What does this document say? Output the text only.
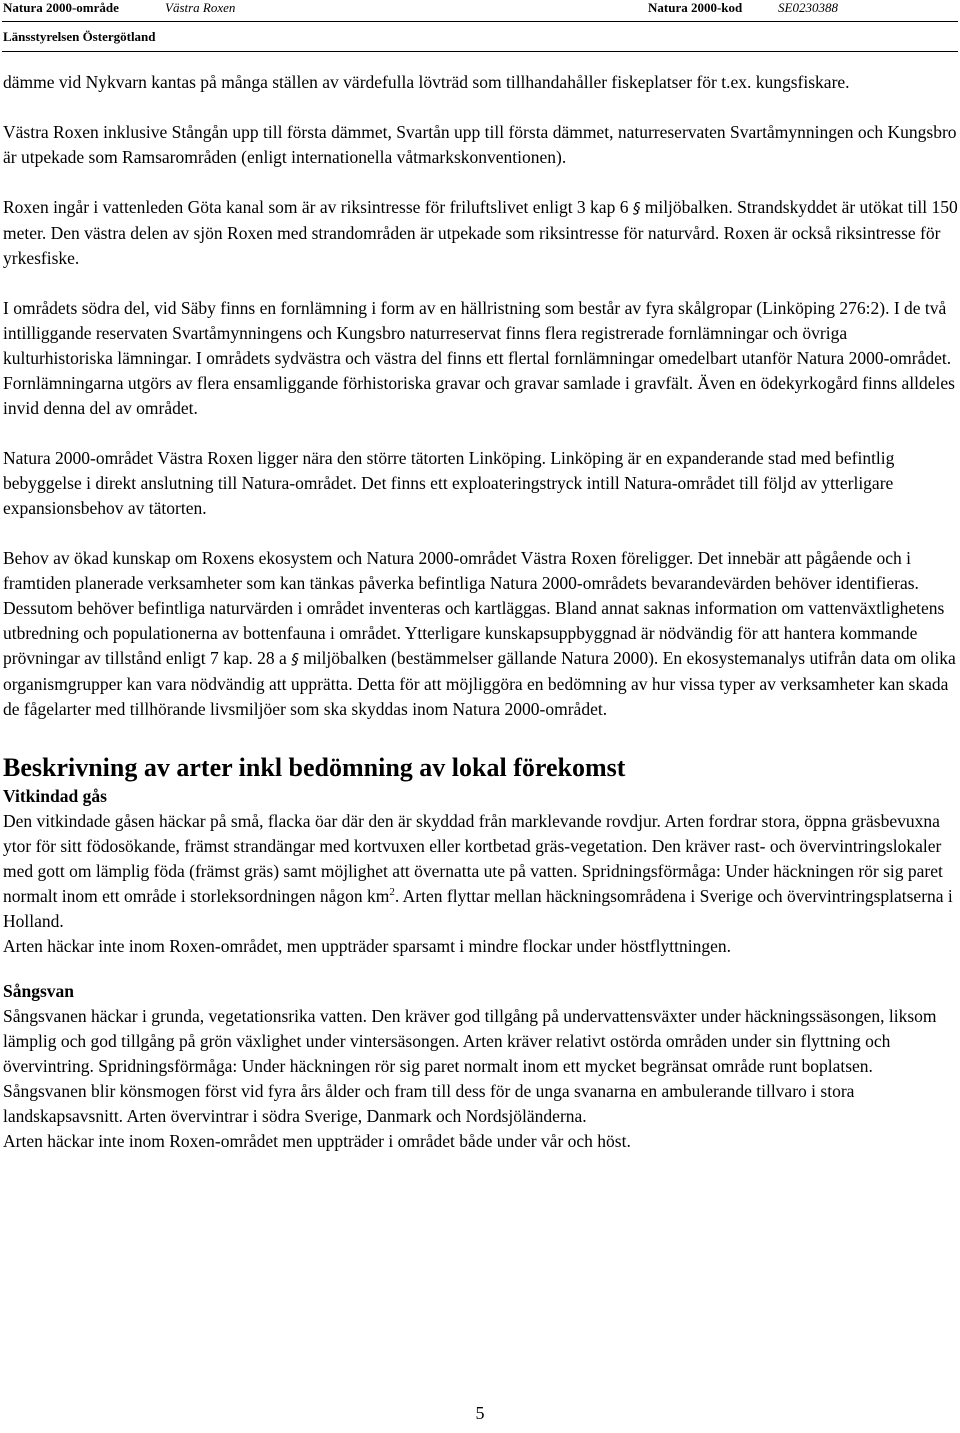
Natura 2000-område	Västra Roxen	Natura 2000-kod	SE0230388
Länsstyrelsen Östergötland

dämme vid Nykvarn kantas på många ställen av värdefulla lövträd som tillhandahåller fiskeplatser för t.ex. kungsfiskare.

Västra Roxen inklusive Stångån upp till första dämmet, Svartån upp till första dämmet, naturreservaten Svartåmynningen och Kungsbro är utpekade som Ramsarområden (enligt internationella våtmarkskonventionen).

Roxen ingår i vattenleden Göta kanal som är av riksintresse för friluftslivet enligt 3 kap 6 § miljöbalken. Strandskyddet är utökat till 150 meter. Den västra delen av sjön Roxen med strandområden är utpekade som riksintresse för naturvård. Roxen är också riksintresse för yrkesfiske.

I områdets södra del, vid Säby finns en fornlämning i form av en hällristning som består av fyra skålgropar (Linköping 276:2). I de två intilliggande reservaten Svartåmynningens och Kungsbro naturreservat finns flera registrerade fornlämningar och övriga kulturhistoriska lämningar. I områdets sydvästra och västra del finns ett flertal fornlämningar omedelbart utanför Natura 2000-området. Fornlämningarna utgörs av flera ensamliggande förhistoriska gravar och gravar samlade i gravfält. Även en ödekyrkogård finns alldeles invid denna del av området.

Natura 2000-området Västra Roxen ligger nära den större tätorten Linköping. Linköping är en expanderande stad med befintlig bebyggelse i direkt anslutning till Natura-området. Det finns ett exploateringstryck intill Natura-området till följd av ytterligare expansionsbehov av tätorten.

Behov av ökad kunskap om Roxens ekosystem och Natura 2000-området Västra Roxen föreligger. Det innebär att pågående och i framtiden planerade verksamheter som kan tänkas påverka befintliga Natura 2000-områdets bevarandevärden behöver identifieras. Dessutom behöver befintliga naturvärden i området inventeras och kartläggas. Bland annat saknas information om vattenväxtlighetens utbredning och populationerna av bottenfauna i området. Ytterligare kunskapsuppbyggnad är nödvändig för att hantera kommande prövningar av tillstånd enligt 7 kap. 28 a § miljöbalken (bestämmelser gällande Natura 2000). En ekosystemanalys utifrån data om olika organismgrupper kan vara nödvändig att upprätta. Detta för att möjliggöra en bedömning av hur vissa typer av verksamheter kan skada de fågelarter med tillhörande livsmiljöer som ska skyddas inom Natura 2000-området.

Beskrivning av arter inkl bedömning av lokal förekomst
Vitkindad gås

Den vitkindade gåsen häckar på små, flacka öar där den är skyddad från marklevande rovdjur. Arten fordrar stora, öppna gräsbevuxna ytor för sitt födosökande, främst strandängar med kortvuxen eller kortbetad gräs-vegetation. Den kräver rast- och övervintringslokaler med gott om lämplig föda (främst gräs) samt möjlighet att övernatta ute på vatten. Spridningsförmåga: Under häckningen rör sig paret normalt inom ett område i storleksordningen någon $km^2$. Arten flyttar mellan häckningsområdena i Sverige och övervintringsplatserna i Holland.

Arten häckar inte inom Roxen-området, men uppträder sparsamt i mindre flockar under höstflyttningen.

Sångsvan

Sångsvanen häckar i grunda, vegetationsrika vatten. Den kräver god tillgång på undervattensväxter under häckningssäsongen, liksom lämplig och god tillgång på grön växlighet under vintersäsongen. Arten kräver relativt ostörda områden under sin flyttning och övervintring. Spridningsförmåga: Under häckningen rör sig paret normalt inom ett mycket begränsat område runt boplatsen. Sångsvanen blir könsmogen först vid fyra års ålder och fram till dess för de unga svanarna en ambulerande tillvaro i stora landskapsavsnitt. Arten övervintrar i södra Sverige, Danmark och Nordsjöländerna.

Arten häckar inte inom Roxen-området men uppträder i området både under vår och höst.

5
